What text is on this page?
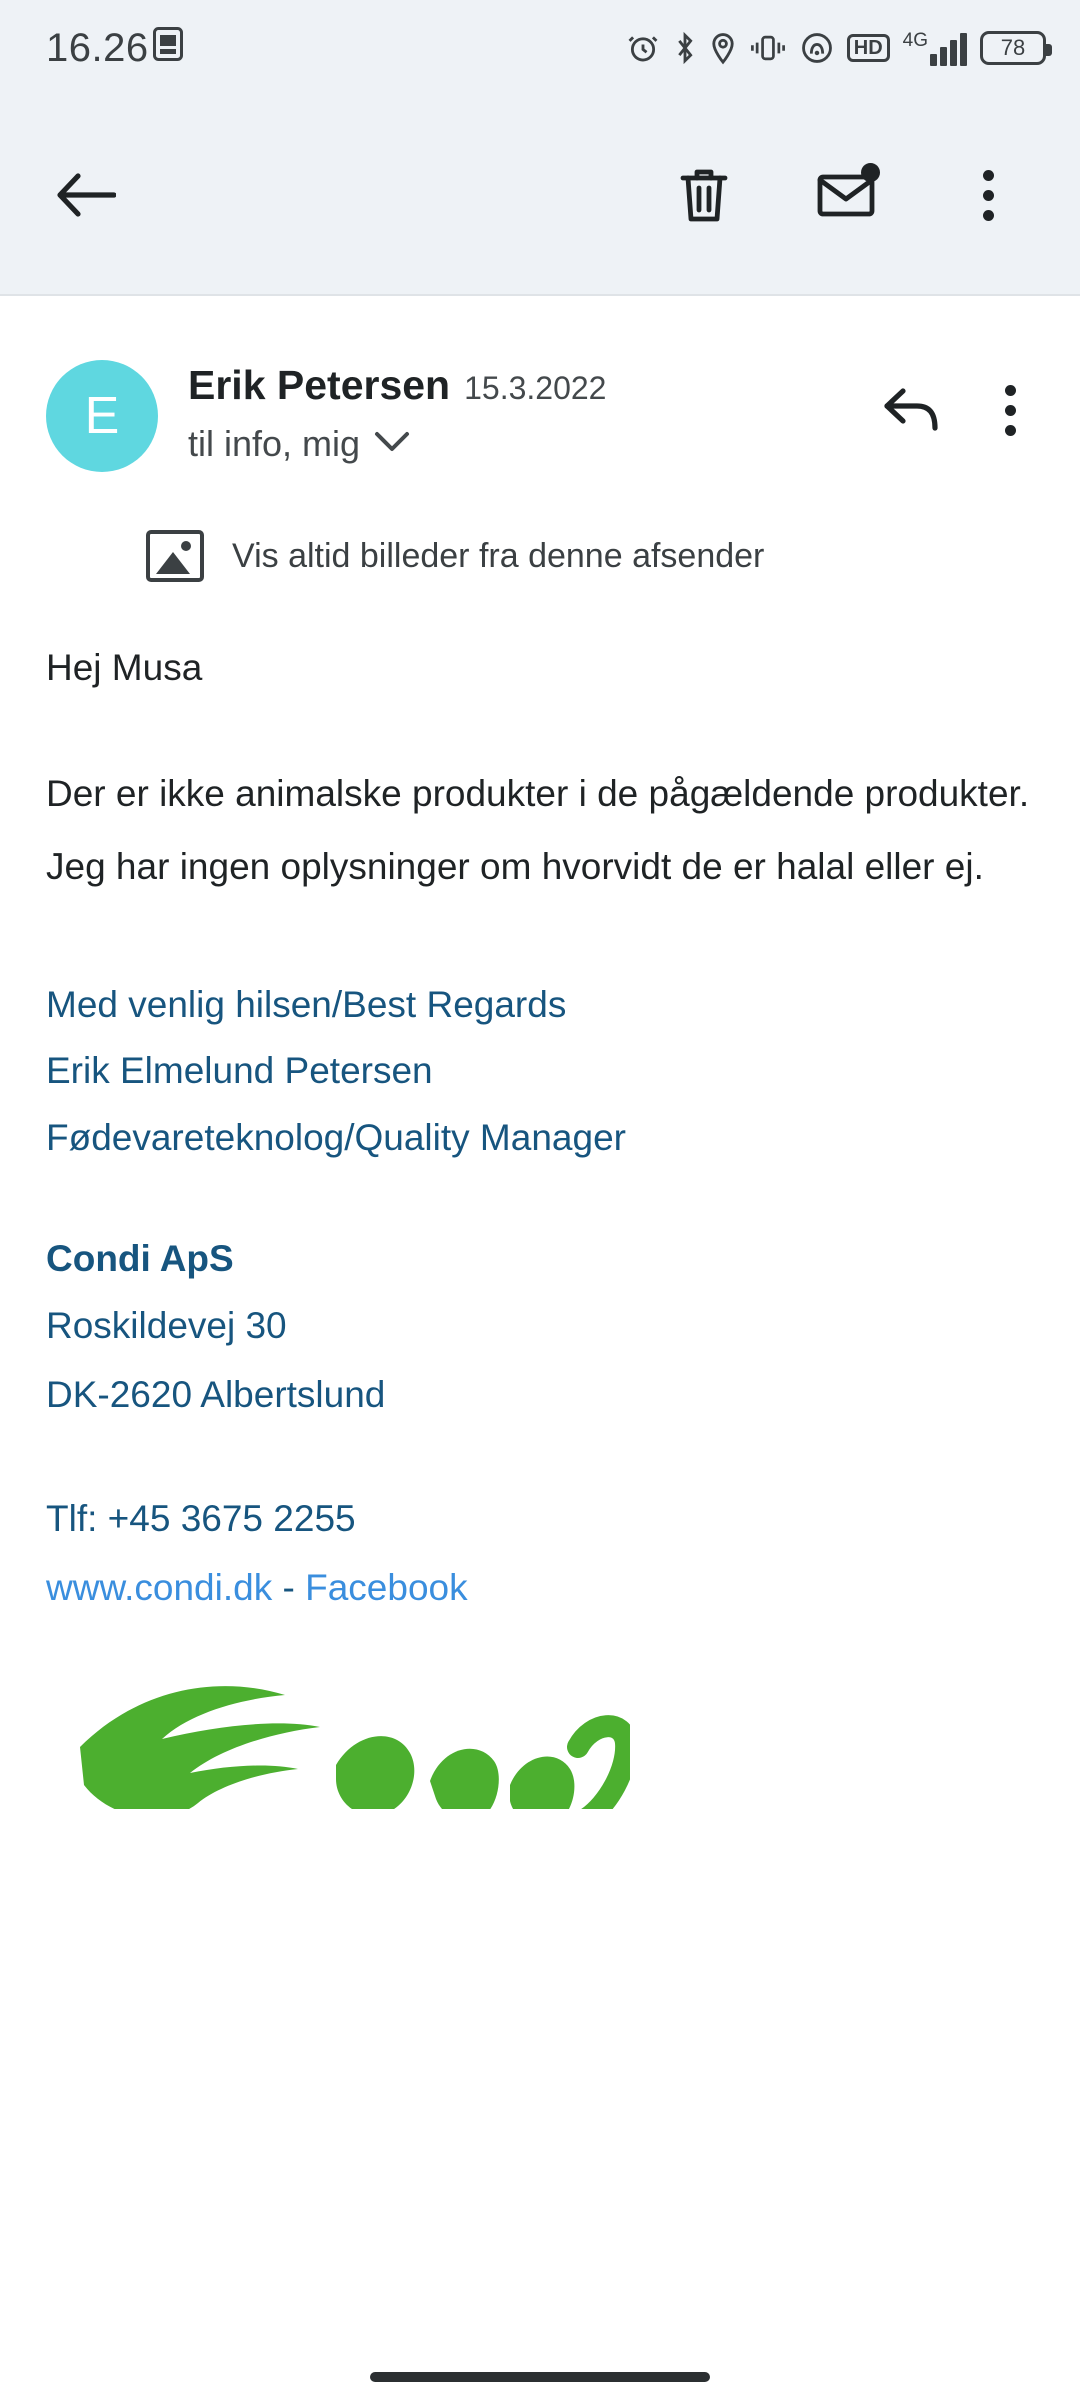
16.26	HD	4G	78
E
Erik Petersen 15.3.2022
til info, mig
Vis altid billeder fra denne afsender
Hej Musa
Der er ikke animalske produkter i de pågældende produkter.
Jeg har ingen oplysninger om hvorvidt de er halal eller ej.
Med venlig hilsen/Best Regards
Erik Elmelund Petersen
Fødevareteknolog/Quality Manager
Condi ApS
Roskildevej 30
DK-2620 Albertslund
Tlf: +45 3675 2255
www.condi.dk - Facebook
